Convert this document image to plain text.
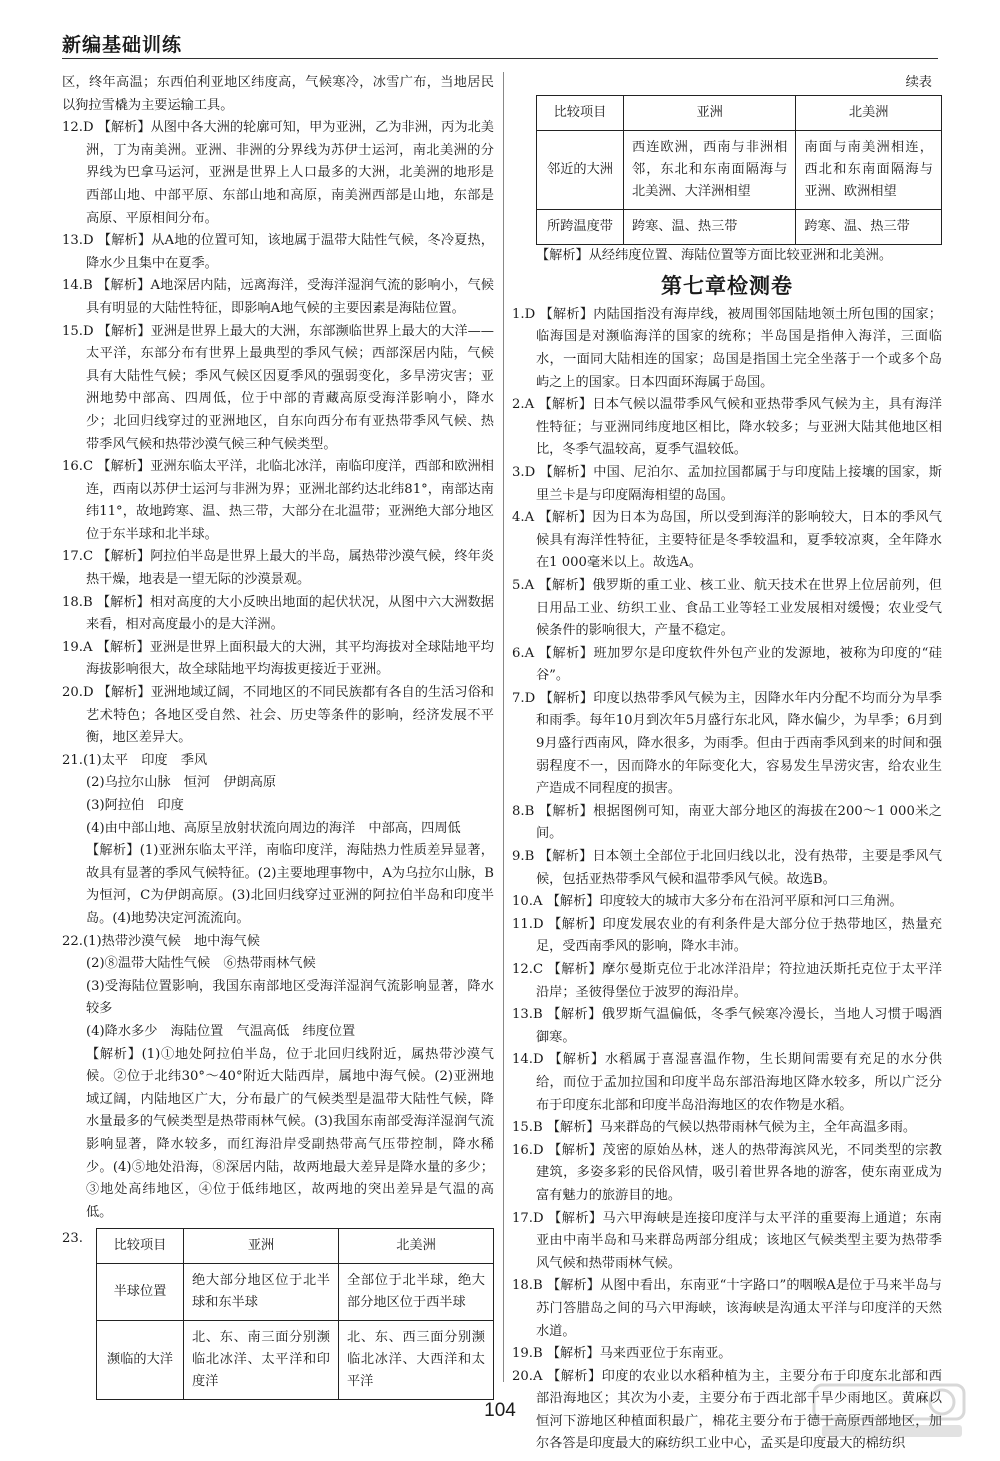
新编基础训练

区，终年高温；东西伯利亚地区纬度高，气候寒冷，冰雪广布，当地居民以狗拉雪橇为主要运输工具。

12.D 【解析】从图中各大洲的轮廓可知，甲为亚洲，乙为非洲，丙为北美洲，丁为南美洲。亚洲、非洲的分界线为苏伊士运河，南北美洲的分界线为巴拿马运河，亚洲是世界上人口最多的大洲，北美洲的地形是西部山地、中部平原、东部山地和高原，南美洲西部是山地，东部是高原、平原相间分布。

13.D 【解析】从A地的位置可知，该地属于温带大陆性气候，冬冷夏热，降水少且集中在夏季。

14.B 【解析】A地深居内陆，远离海洋，受海洋湿润气流的影响小，气候具有明显的大陆性特征，即影响A地气候的主要因素是海陆位置。

15.D 【解析】亚洲是世界上最大的大洲，东部濒临世界上最大的大洋——太平洋，东部分布有世界上最典型的季风气候；西部深居内陆，气候具有大陆性气候；季风气候区因夏季风的强弱变化，多旱涝灾害；亚洲地势中部高、四周低，位于中部的青藏高原受海洋影响小，降水少；北回归线穿过的亚洲地区，自东向西分布有亚热带季风气候、热带季风气候和热带沙漠气候三种气候类型。

16.C 【解析】亚洲东临太平洋，北临北冰洋，南临印度洋，西部和欧洲相连，西南以苏伊士运河与非洲为界；亚洲北部约达北纬81°，南部达南纬11°，故地跨寒、温、热三带，大部分在北温带；亚洲绝大部分地区位于东半球和北半球。

17.C 【解析】阿拉伯半岛是世界上最大的半岛，属热带沙漠气候，终年炎热干燥，地表是一望无际的沙漠景观。

18.B 【解析】相对高度的大小反映出地面的起伏状况，从图中六大洲数据来看，相对高度最小的是大洋洲。

19.A 【解析】亚洲是世界上面积最大的大洲，其平均海拔对全球陆地平均海拔影响很大，故全球陆地平均海拔更接近于亚洲。

20.D 【解析】亚洲地域辽阔，不同地区的不同民族都有各自的生活习俗和艺术特色；各地区受自然、社会、历史等条件的影响，经济发展不平衡，地区差异大。

21.(1)太平　印度　季风

(2)乌拉尔山脉　恒河　伊朗高原

(3)阿拉伯　印度

(4)由中部山地、高原呈放射状流向周边的海洋　中部高，四周低

【解析】(1)亚洲东临太平洋，南临印度洋，海陆热力性质差异显著，故具有显著的季风气候特征。(2)主要地理事物中，A为乌拉尔山脉，B为恒河，C为伊朗高原。(3)北回归线穿过亚洲的阿拉伯半岛和印度半岛。(4)地势决定河流流向。

22.(1)热带沙漠气候　地中海气候

(2)⑧温带大陆性气候　⑥热带雨林气候

(3)受海陆位置影响，我国东南部地区受海洋湿润气流影响显著，降水较多

(4)降水多少　海陆位置　气温高低　纬度位置

【解析】(1)①地处阿拉伯半岛，位于北回归线附近，属热带沙漠气候。②位于北纬30°～40°附近大陆西岸，属地中海气候。(2)亚洲地域辽阔，内陆地区广大，分布最广的气候类型是温带大陆性气候，降水量最多的气候类型是热带雨林气候。(3)我国东南部受海洋湿润气流影响显著，降水较多，而红海沿岸受副热带高气压带控制，降水稀少。(4)⑤地处沿海，⑧深居内陆，故两地最大差异是降水量的多少；③地处高纬地区，④位于低纬地区，故两地的突出差异是气温的高低。

23. 比较项目	亚洲	北美洲
半球位置	绝大部分地区位于北半球和东半球	全部位于北半球，绝大部分地区位于西半球
濒临的大洋	北、东、南三面分别濒临北冰洋、太平洋和印度洋	北、东、西三面分别濒临北冰洋、大西洋和太平洋
续表
比较项目	亚洲	北美洲
邻近的大洲	西连欧洲，西南与非洲相邻，东北和东南面隔海与北美洲、大洋洲相望	南面与南美洲相连，西北和东南面隔海与亚洲、欧洲相望
所跨温度带	跨寒、温、热三带	跨寒、温、热三带

【解析】从经纬度位置、海陆位置等方面比较亚洲和北美洲。

第七章检测卷

1.D 【解析】内陆国指没有海岸线，被周围邻国陆地领土所包围的国家；临海国是对濒临海洋的国家的统称；半岛国是指伸入海洋，三面临水，一面同大陆相连的国家；岛国是指国土完全坐落于一个或多个岛屿之上的国家。日本四面环海属于岛国。

2.A 【解析】日本气候以温带季风气候和亚热带季风气候为主，具有海洋性特征；与亚洲同纬度地区相比，降水较多；与亚洲大陆其他地区相比，冬季气温较高，夏季气温较低。

3.D 【解析】中国、尼泊尔、孟加拉国都属于与印度陆上接壤的国家，斯里兰卡是与印度隔海相望的岛国。

4.A 【解析】因为日本为岛国，所以受到海洋的影响较大，日本的季风气候具有海洋性特征，主要特征是冬季较温和，夏季较凉爽，全年降水在1 000毫米以上。故选A。

5.A 【解析】俄罗斯的重工业、核工业、航天技术在世界上位居前列，但日用品工业、纺织工业、食品工业等轻工业发展相对缓慢；农业受气候条件的影响很大，产量不稳定。

6.A 【解析】班加罗尔是印度软件外包产业的发源地，被称为印度的“硅谷”。

7.D 【解析】印度以热带季风气候为主，因降水年内分配不均而分为旱季和雨季。每年10月到次年5月盛行东北风，降水偏少，为旱季；6月到9月盛行西南风，降水很多，为雨季。但由于西南季风到来的时间和强弱程度不一，因而降水的年际变化大，容易发生旱涝灾害，给农业生产造成不同程度的损害。

8.B 【解析】根据图例可知，南亚大部分地区的海拔在200～1 000米之间。

9.B 【解析】日本领土全部位于北回归线以北，没有热带，主要是季风气候，包括亚热带季风气候和温带季风气候。故选B。

10.A 【解析】印度较大的城市大多分布在沿河平原和河口三角洲。

11.D 【解析】印度发展农业的有利条件是大部分位于热带地区，热量充足，受西南季风的影响，降水丰沛。

12.C 【解析】摩尔曼斯克位于北冰洋沿岸；符拉迪沃斯托克位于太平洋沿岸；圣彼得堡位于波罗的海沿岸。

13.B 【解析】俄罗斯气温偏低，冬季气候寒冷漫长，当地人习惯于喝酒御寒。

14.D 【解析】水稻属于喜湿喜温作物，生长期间需要有充足的水分供给，而位于孟加拉国和印度半岛东部沿海地区降水较多，所以广泛分布于印度东北部和印度半岛沿海地区的农作物是水稻。

15.B 【解析】马来群岛的气候以热带雨林气候为主，全年高温多雨。

16.D 【解析】茂密的原始丛林，迷人的热带海滨风光，不同类型的宗教建筑，多姿多彩的民俗风情，吸引着世界各地的游客，使东南亚成为富有魅力的旅游目的地。

17.D 【解析】马六甲海峡是连接印度洋与太平洋的重要海上通道；东南亚由中南半岛和马来群岛两部分组成；该地区气候类型主要为热带季风气候和热带雨林气候。

18.B 【解析】从图中看出，东南亚“十字路口”的咽喉A是位于马来半岛与苏门答腊岛之间的马六甲海峡，该海峡是沟通太平洋与印度洋的天然水道。

19.B 【解析】马来西亚位于东南亚。

20.A 【解析】印度的农业以水稻种植为主，主要分布于印度东北部和西部沿海地区；其次为小麦，主要分布于西北部干旱少雨地区。黄麻以恒河下游地区种植面积最广，棉花主要分布于德干高原西部地区，加尔各答是印度最大的麻纺织工业中心，孟买是印度最大的棉纺织

104
